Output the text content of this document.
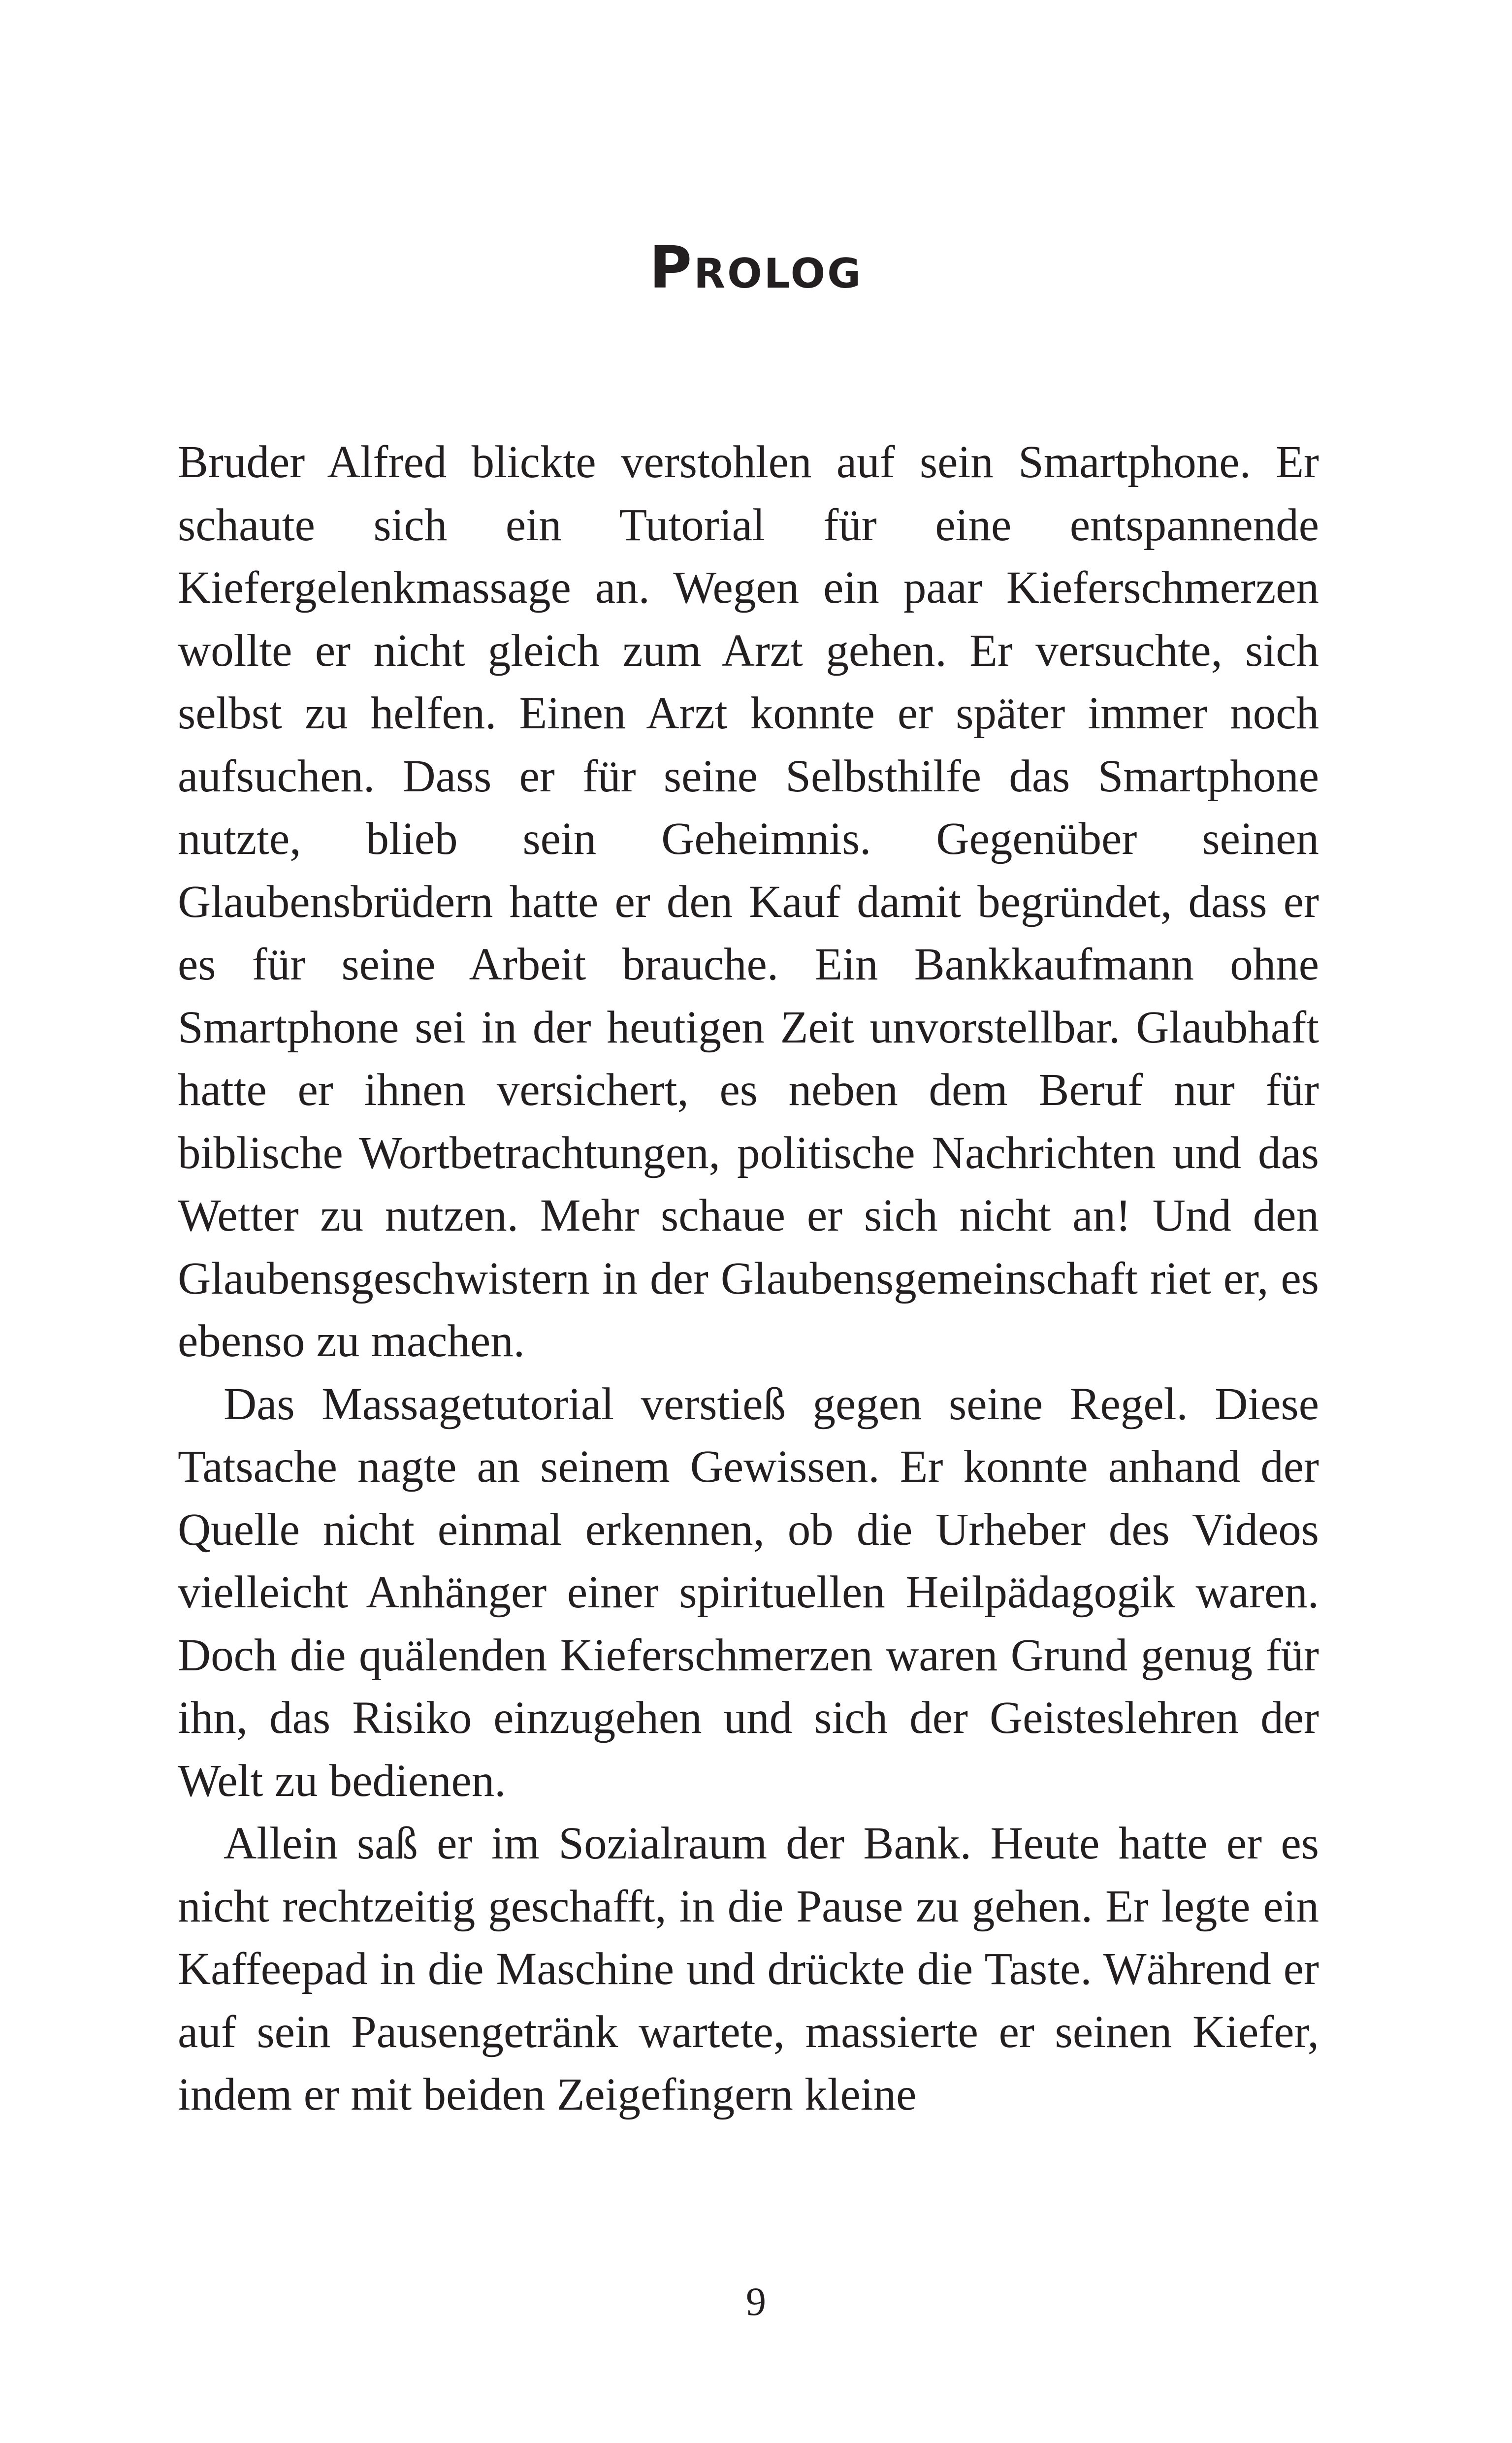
Prolog

Bruder Alfred blickte verstohlen auf sein Smartphone. Er schaute sich ein Tutorial für eine entspannende Kiefergelenkmassage an. Wegen ein paar Kieferschmerzen wollte er nicht gleich zum Arzt gehen. Er versuchte, sich selbst zu helfen. Einen Arzt konnte er später immer noch aufsuchen. Dass er für seine Selbsthilfe das Smartphone nutzte, blieb sein Geheimnis. Gegenüber seinen Glaubensbrüdern hatte er den Kauf damit begründet, dass er es für seine Arbeit brauche. Ein Bankkaufmann ohne Smartphone sei in der heutigen Zeit unvorstellbar. Glaubhaft hatte er ihnen versichert, es neben dem Beruf nur für biblische Wortbetrachtungen, politische Nachrichten und das Wetter zu nutzen. Mehr schaue er sich nicht an! Und den Glaubensgeschwistern in der Glaubensgemeinschaft riet er, es ebenso zu machen.

Das Massagetutorial verstieß gegen seine Regel. Diese Tatsache nagte an seinem Gewissen. Er konnte anhand der Quelle nicht einmal erkennen, ob die Urheber des Videos vielleicht Anhänger einer spirituellen Heilpädagogik waren. Doch die quälenden Kieferschmerzen waren Grund genug für ihn, das Risiko einzugehen und sich der Geisteslehren der Welt zu bedienen.

Allein saß er im Sozialraum der Bank. Heute hatte er es nicht rechtzeitig geschafft, in die Pause zu gehen. Er legte ein Kaffeepad in die Maschine und drückte die Taste. Während er auf sein Pausengetränk wartete, massierte er seinen Kiefer, indem er mit beiden Zeigefingern kleine

9
